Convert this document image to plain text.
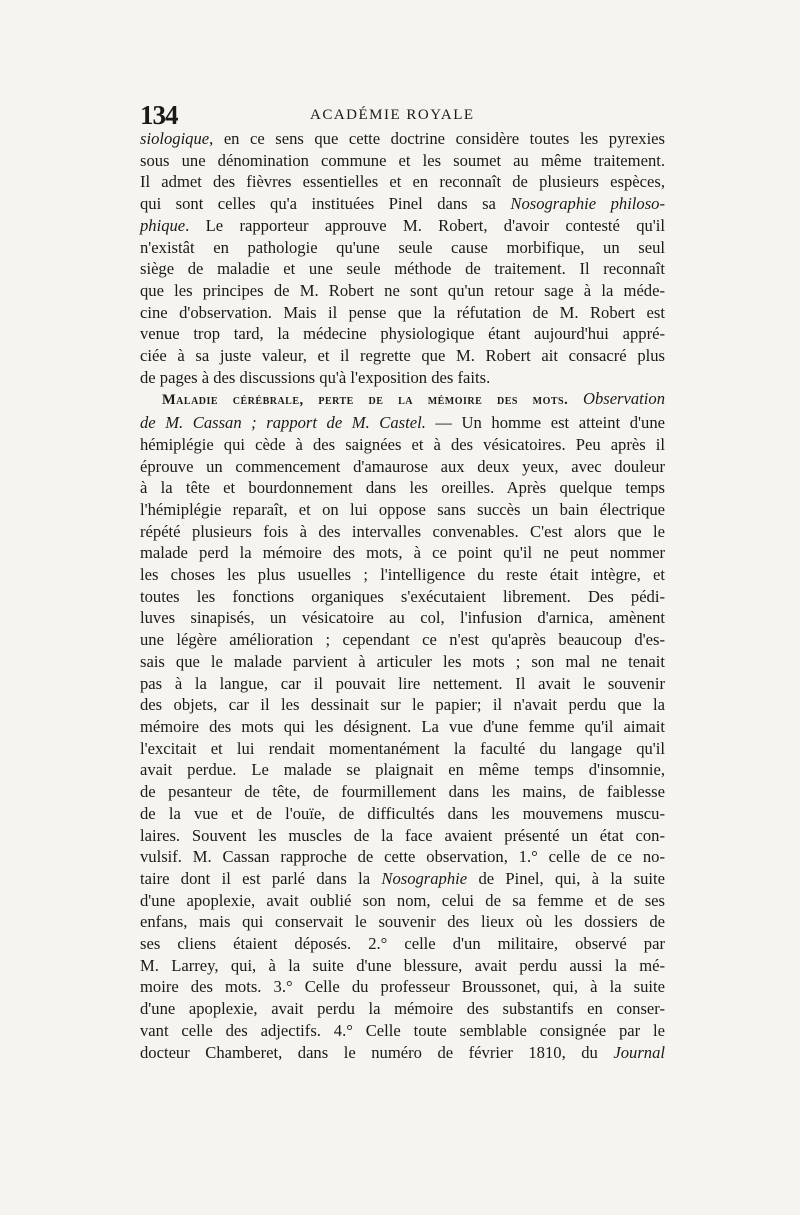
134	ACADÉMIE ROYALE
siologique, en ce sens que cette doctrine considère toutes les pyrexies
sous une dénomination commune et les soumet au même traitement.
Il admet des fièvres essentielles et en reconnaît de plusieurs espèces,
qui sont celles qu'a instituées Pinel dans sa Nosographie philoso-
phique. Le rapporteur approuve M. Robert, d'avoir contesté qu'il
n'existât en pathologie qu'une seule cause morbifique, un seul
siège de maladie et une seule méthode de traitement. Il reconnaît
que les principes de M. Robert ne sont qu'un retour sage à la méde-
cine d'observation. Mais il pense que la réfutation de M. Robert est
venue trop tard, la médecine physiologique étant aujourd'hui appré-
ciée à sa juste valeur, et il regrette que M. Robert ait consacré plus
de pages à des discussions qu'à l'exposition des faits.
Maladie cérébrale, perte de la mémoire des mots. Observation
de M. Cassan ; rapport de M. Castel. — Un homme est atteint d'une
hémiplégie qui cède à des saignées et à des vésicatoires. Peu après il
éprouve un commencement d'amaurose aux deux yeux, avec douleur
à la tête et bourdonnement dans les oreilles. Après quelque temps
l'hémiplégie reparaît, et on lui oppose sans succès un bain électrique
répété plusieurs fois à des intervalles convenables. C'est alors que le
malade perd la mémoire des mots, à ce point qu'il ne peut nommer
les choses les plus usuelles ; l'intelligence du reste était intègre, et
toutes les fonctions organiques s'exécutaient librement. Des pédi-
luves sinapisés, un vésicatoire au col, l'infusion d'arnica, amènent
une légère amélioration ; cependant ce n'est qu'après beaucoup d'es-
sais que le malade parvient à articuler les mots ; son mal ne tenait
pas à la langue, car il pouvait lire nettement. Il avait le souvenir
des objets, car il les dessinait sur le papier; il n'avait perdu que la
mémoire des mots qui les désignent. La vue d'une femme qu'il aimait
l'excitait et lui rendait momentanément la faculté du langage qu'il
avait perdue. Le malade se plaignait en même temps d'insomnie,
de pesanteur de tête, de fourmillement dans les mains, de faiblesse
de la vue et de l'ouïe, de difficultés dans les mouvemens muscu-
laires. Souvent les muscles de la face avaient présenté un état con-
vulsif. M. Cassan rapproche de cette observation, 1.° celle de ce no-
taire dont il est parlé dans la Nosographie de Pinel, qui, à la suite
d'une apoplexie, avait oublié son nom, celui de sa femme et de ses
enfans, mais qui conservait le souvenir des lieux où les dossiers de
ses cliens étaient déposés. 2.° celle d'un militaire, observé par
M. Larrey, qui, à la suite d'une blessure, avait perdu aussi la mé-
moire des mots. 3.° Celle du professeur Broussonet, qui, à la suite
d'une apoplexie, avait perdu la mémoire des substantifs en conser-
vant celle des adjectifs. 4.° Celle toute semblable consignée par le
docteur Chamberet, dans le numéro de février 1810, du Journal
